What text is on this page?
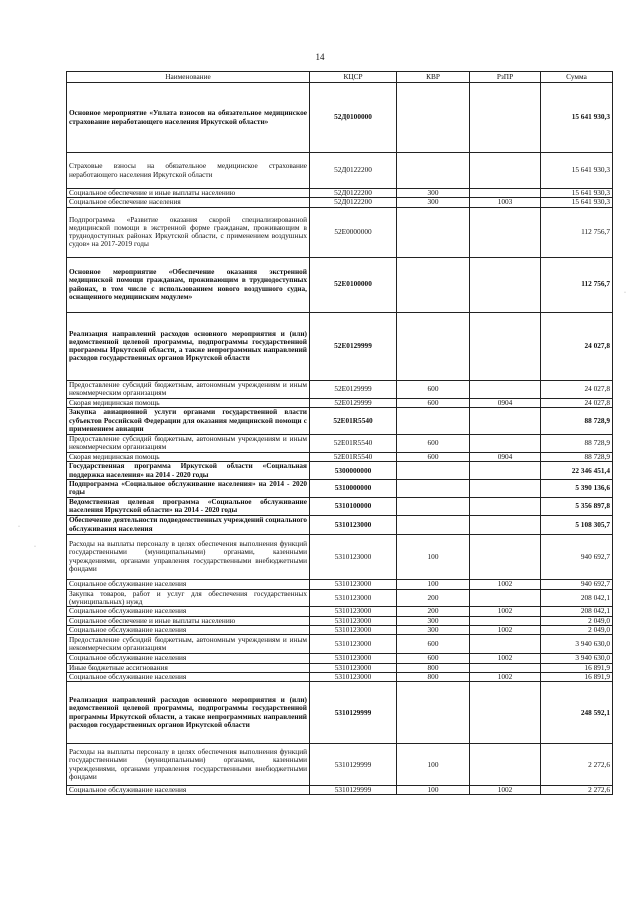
14
·
·
·
Наименование	КЦСР	КВР	РзПР	Сумма
Основное мероприятие «Уплата взносов на обязательное медицинское страхование неработающего населения Иркутской области»	52Д0100000			15 641 930,3
Страховые взносы на обязательное медицинское страхование неработающего населения Иркутской области	52Д0122200			15 641 930,3
Социальное обеспечение и иные выплаты населению	52Д0122200	300		15 641 930,3
Социальное обеспечение населения	52Д0122200	300	1003	15 641 930,3
Подпрограмма «Развитие оказания скорой специализированной медицинской помощи в экстренной форме гражданам, проживающим в труднодоступных районах Иркутской области, с применением воздушных судов» на 2017-2019 годы	52Е0000000			112 756,7
Основное мероприятие «Обеспечение оказания экстренной медицинской помощи гражданам, проживающим в труднодоступных районах, в том числе с использованием нового воздушного судна, оснащенного медицинским модулем»	52Е0100000			112 756,7
Реализация направлений расходов основного мероприятия и (или) ведомственной целевой программы, подпрограммы государственной программы Иркутской области, а также непрограммных направлений расходов государственных органов Иркутской области	52Е0129999			24 027,8
Предоставление субсидий бюджетным, автономным учреждениям и иным некоммерческим организациям	52Е0129999	600		24 027,8
Скорая медицинская помощь	52Е0129999	600	0904	24 027,8
Закупка авиационной услуги органами государственной власти субъектов Российской Федерации для оказания медицинской помощи с применением авиации	52Е01R5540			88 728,9
Предоставление субсидий бюджетным, автономным учреждениям и иным некоммерческим организациям	52Е01R5540	600		88 728,9
Скорая медицинская помощь	52Е01R5540	600	0904	88 728,9
Государственная программа Иркутской области «Социальная поддержка населения» на 2014 - 2020 годы	5300000000			22 346 451,4
Подпрограмма «Социальное обслуживание населения» на 2014 - 2020 годы	5310000000			5 390 136,6
Ведомственная целевая программа «Социальное обслуживание населения Иркутской области» на 2014 - 2020 годы	5310100000			5 356 897,8
Обеспечение деятельности подведомственных учреждений социального обслуживания населения	5310123000			5 108 305,7
Расходы на выплаты персоналу в целях обеспечения выполнения функций государственными (муниципальными) органами, казенными учреждениями, органами управления государственными внебюджетными фондами	5310123000	100		940 692,7
Социальное обслуживание населения	5310123000	100	1002	940 692,7
Закупка товаров, работ и услуг для обеспечения государственных (муниципальных) нужд	5310123000	200		208 042,1
Социальное обслуживание населения	5310123000	200	1002	208 042,1
Социальное обеспечение и иные выплаты населению	5310123000	300		2 049,0
Социальное обслуживание населения	5310123000	300	1002	2 049,0
Предоставление субсидий бюджетным, автономным учреждениям и иным некоммерческим организациям	5310123000	600		3 940 630,0
Социальное обслуживание населения	5310123000	600	1002	3 940 630,0
Иные бюджетные ассигнования	5310123000	800		16 891,9
Социальное обслуживание населения	5310123000	800	1002	16 891,9
Реализация направлений расходов основного мероприятия и (или) ведомственной целевой программы, подпрограммы государственной программы Иркутской области, а также непрограммных направлений расходов государственных органов Иркутской области	5310129999			248 592,1
Расходы на выплаты персоналу в целях обеспечения выполнения функций государственными (муниципальными) органами, казенными учреждениями, органами управления государственными внебюджетными фондами	5310129999	100		2 272,6
Социальное обслуживание населения	5310129999	100	1002	2 272,6
